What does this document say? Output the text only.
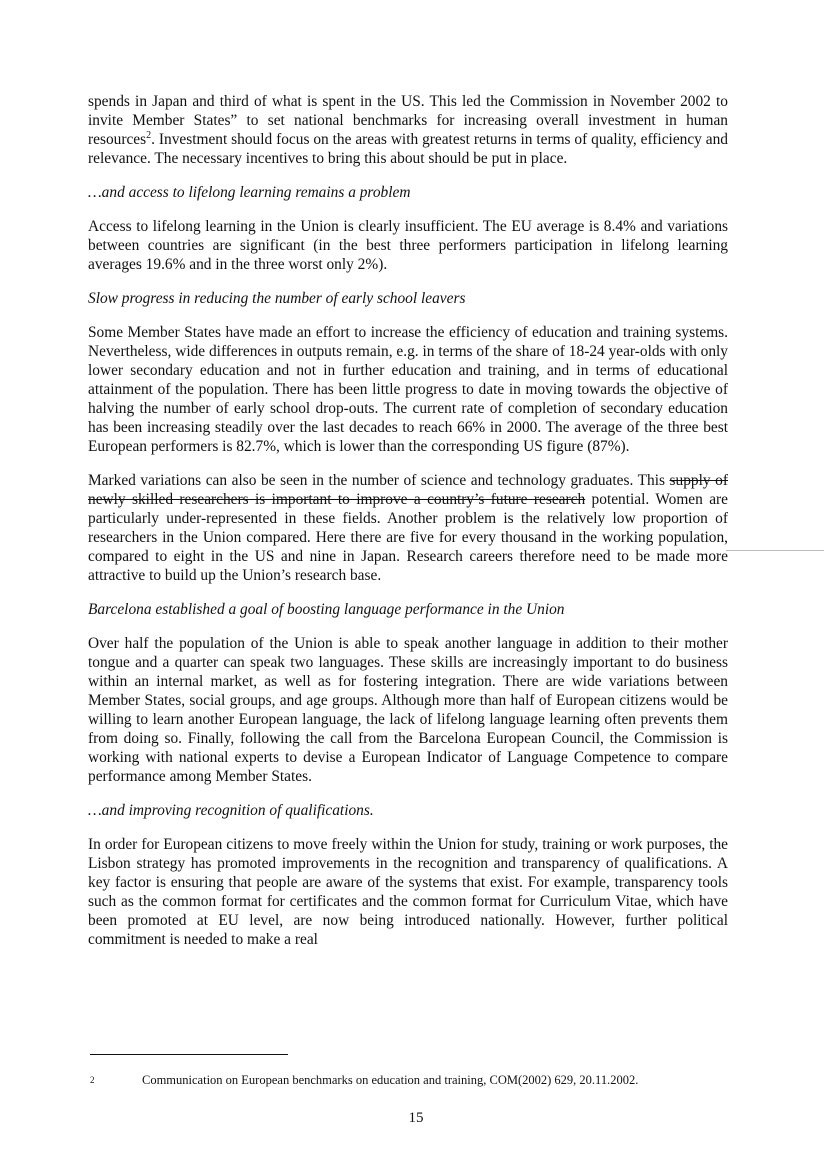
spends in Japan and third of what is spent in the US. This led the Commission in November 2002 to invite Member States” to set national benchmarks for increasing overall investment in human resources$^2$. Investment should focus on the areas with greatest returns in terms of quality, efficiency and relevance. The necessary incentives to bring this about should be put in place.

…and access to lifelong learning remains a problem

Access to lifelong learning in the Union is clearly insufficient. The EU average is 8.4% and variations between countries are significant (in the best three performers participation in lifelong learning averages 19.6% and in the three worst only 2%).

Slow progress in reducing the number of early school leavers

Some Member States have made an effort to increase the efficiency of education and training systems. Nevertheless, wide differences in outputs remain, e.g. in terms of the share of 18-24 year-olds with only lower secondary education and not in further education and training, and in terms of educational attainment of the population. There has been little progress to date in moving towards the objective of halving the number of early school drop-outs. The current rate of completion of secondary education has been increasing steadily over the last decades to reach 66% in 2000. The average of the three best European performers is 82.7%, which is lower than the corresponding US figure (87%).

Marked variations can also be seen in the number of science and technology graduates. This supply of newly skilled researchers is important to improve a country’s future research potential. Women are particularly under-represented in these fields. Another problem is the relatively low proportion of researchers in the Union compared. Here there are five for every thousand in the working population, compared to eight in the US and nine in Japan. Research careers therefore need to be made more attractive to build up the Union’s research base.

Barcelona established a goal of boosting language performance in the Union

Over half the population of the Union is able to speak another language in addition to their mother tongue and a quarter can speak two languages. These skills are increasingly important to do business within an internal market, as well as for fostering integration. There are wide variations between Member States, social groups, and age groups. Although more than half of European citizens would be willing to learn another European language, the lack of lifelong language learning often prevents them from doing so. Finally, following the call from the Barcelona European Council, the Commission is working with national experts to devise a European Indicator of Language Competence to compare performance among Member States.

…and improving recognition of qualifications.

In order for European citizens to move freely within the Union for study, training or work purposes, the Lisbon strategy has promoted improvements in the recognition and transparency of qualifications. A key factor is ensuring that people are aware of the systems that exist. For example, transparency tools such as the common format for certificates and the common format for Curriculum Vitae, which have been promoted at EU level, are now being introduced nationally. However, further political commitment is needed to make a real

2	Communication on European benchmarks on education and training, COM(2002) 629, 20.11.2002.
15
